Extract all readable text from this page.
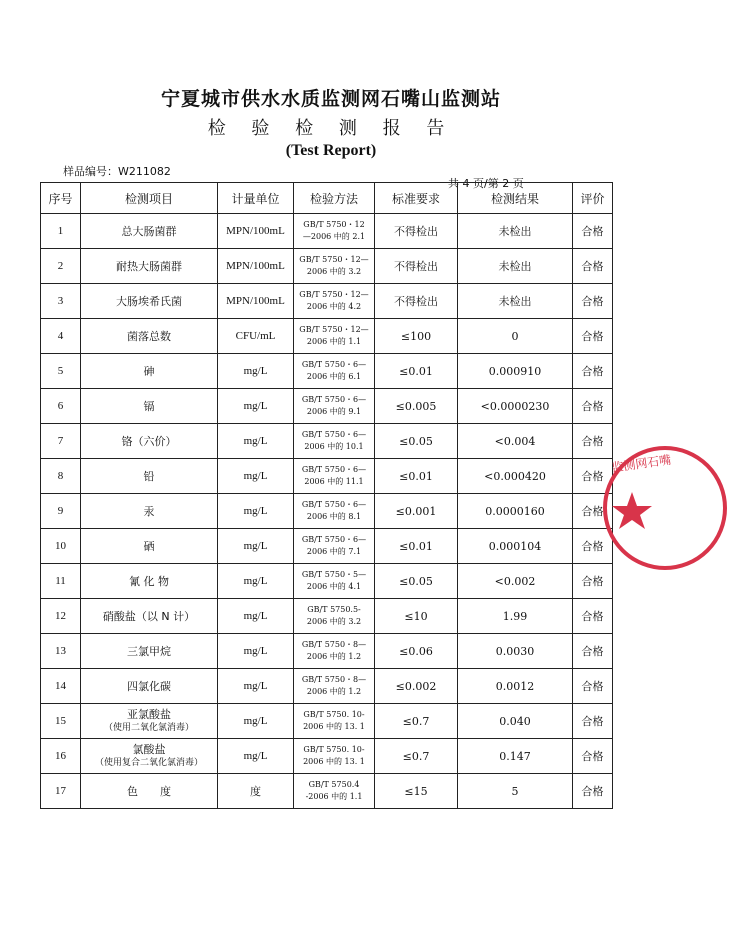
宁夏城市供水水质监测网石嘴山监测站
检 验 检 测 报 告
(Test Report)
样品编号：W211082
共 4 页/第 2 页
序号	检测项目	计量单位	检验方法	标准要求	检测结果	评价
1	总大肠菌群	MPN/100mL	GB/T 5750・12
—2006 中的 2.1	不得检出	未检出	合格
2	耐热大肠菌群	MPN/100mL	GB/T 5750・12—
2006 中的 3.2	不得检出	未检出	合格
3	大肠埃希氏菌	MPN/100mL	GB/T 5750・12—
2006 中的 4.2	不得检出	未检出	合格
4	菌落总数	CFU/mL	GB/T 5750・12—
2006 中的 1.1	≤100	0	合格
5	砷	mg/L	GB/T 5750・6—
2006 中的 6.1	≤0.01	0.000910	合格
6	镉	mg/L	GB/T 5750・6—
2006 中的 9.1	≤0.005	<0.0000230	合格
7	铬（六价）	mg/L	GB/T 5750・6—
2006 中的 10.1	≤0.05	<0.004	合格
8	铅	mg/L	GB/T 5750・6—
2006 中的 11.1	≤0.01	<0.000420	合格
9	汞	mg/L	GB/T 5750・6—
2006 中的 8.1	≤0.001	0.0000160	合格
10	硒	mg/L	GB/T 5750・6—
2006 中的 7.1	≤0.01	0.000104	合格
11	氰 化 物	mg/L	GB/T 5750・5—
2006 中的 4.1	≤0.05	<0.002	合格
12	硝酸盐（以 N 计）	mg/L	GB/T 5750.5-
2006 中的 3.2	≤10	1.99	合格
13	三氯甲烷	mg/L	GB/T 5750・8—
2006 中的 1.2	≤0.06	0.0030	合格
14	四氯化碳	mg/L	GB/T 5750・8—
2006 中的 1.2	≤0.002	0.0012	合格
15	亚氯酸盐
（使用二氧化氯消毒）	mg/L	GB/T 5750. 10-
2006 中的 13. 1	≤0.7	0.040	合格
16	氯酸盐
（使用复合二氧化氯消毒）	mg/L	GB/T 5750. 10-
2006 中的 13. 1	≤0.7	0.147	合格
17	色　　度	度	GB/T 5750.4
-2006 中的 1.1	≤15	5	合格
监测网石嘴
